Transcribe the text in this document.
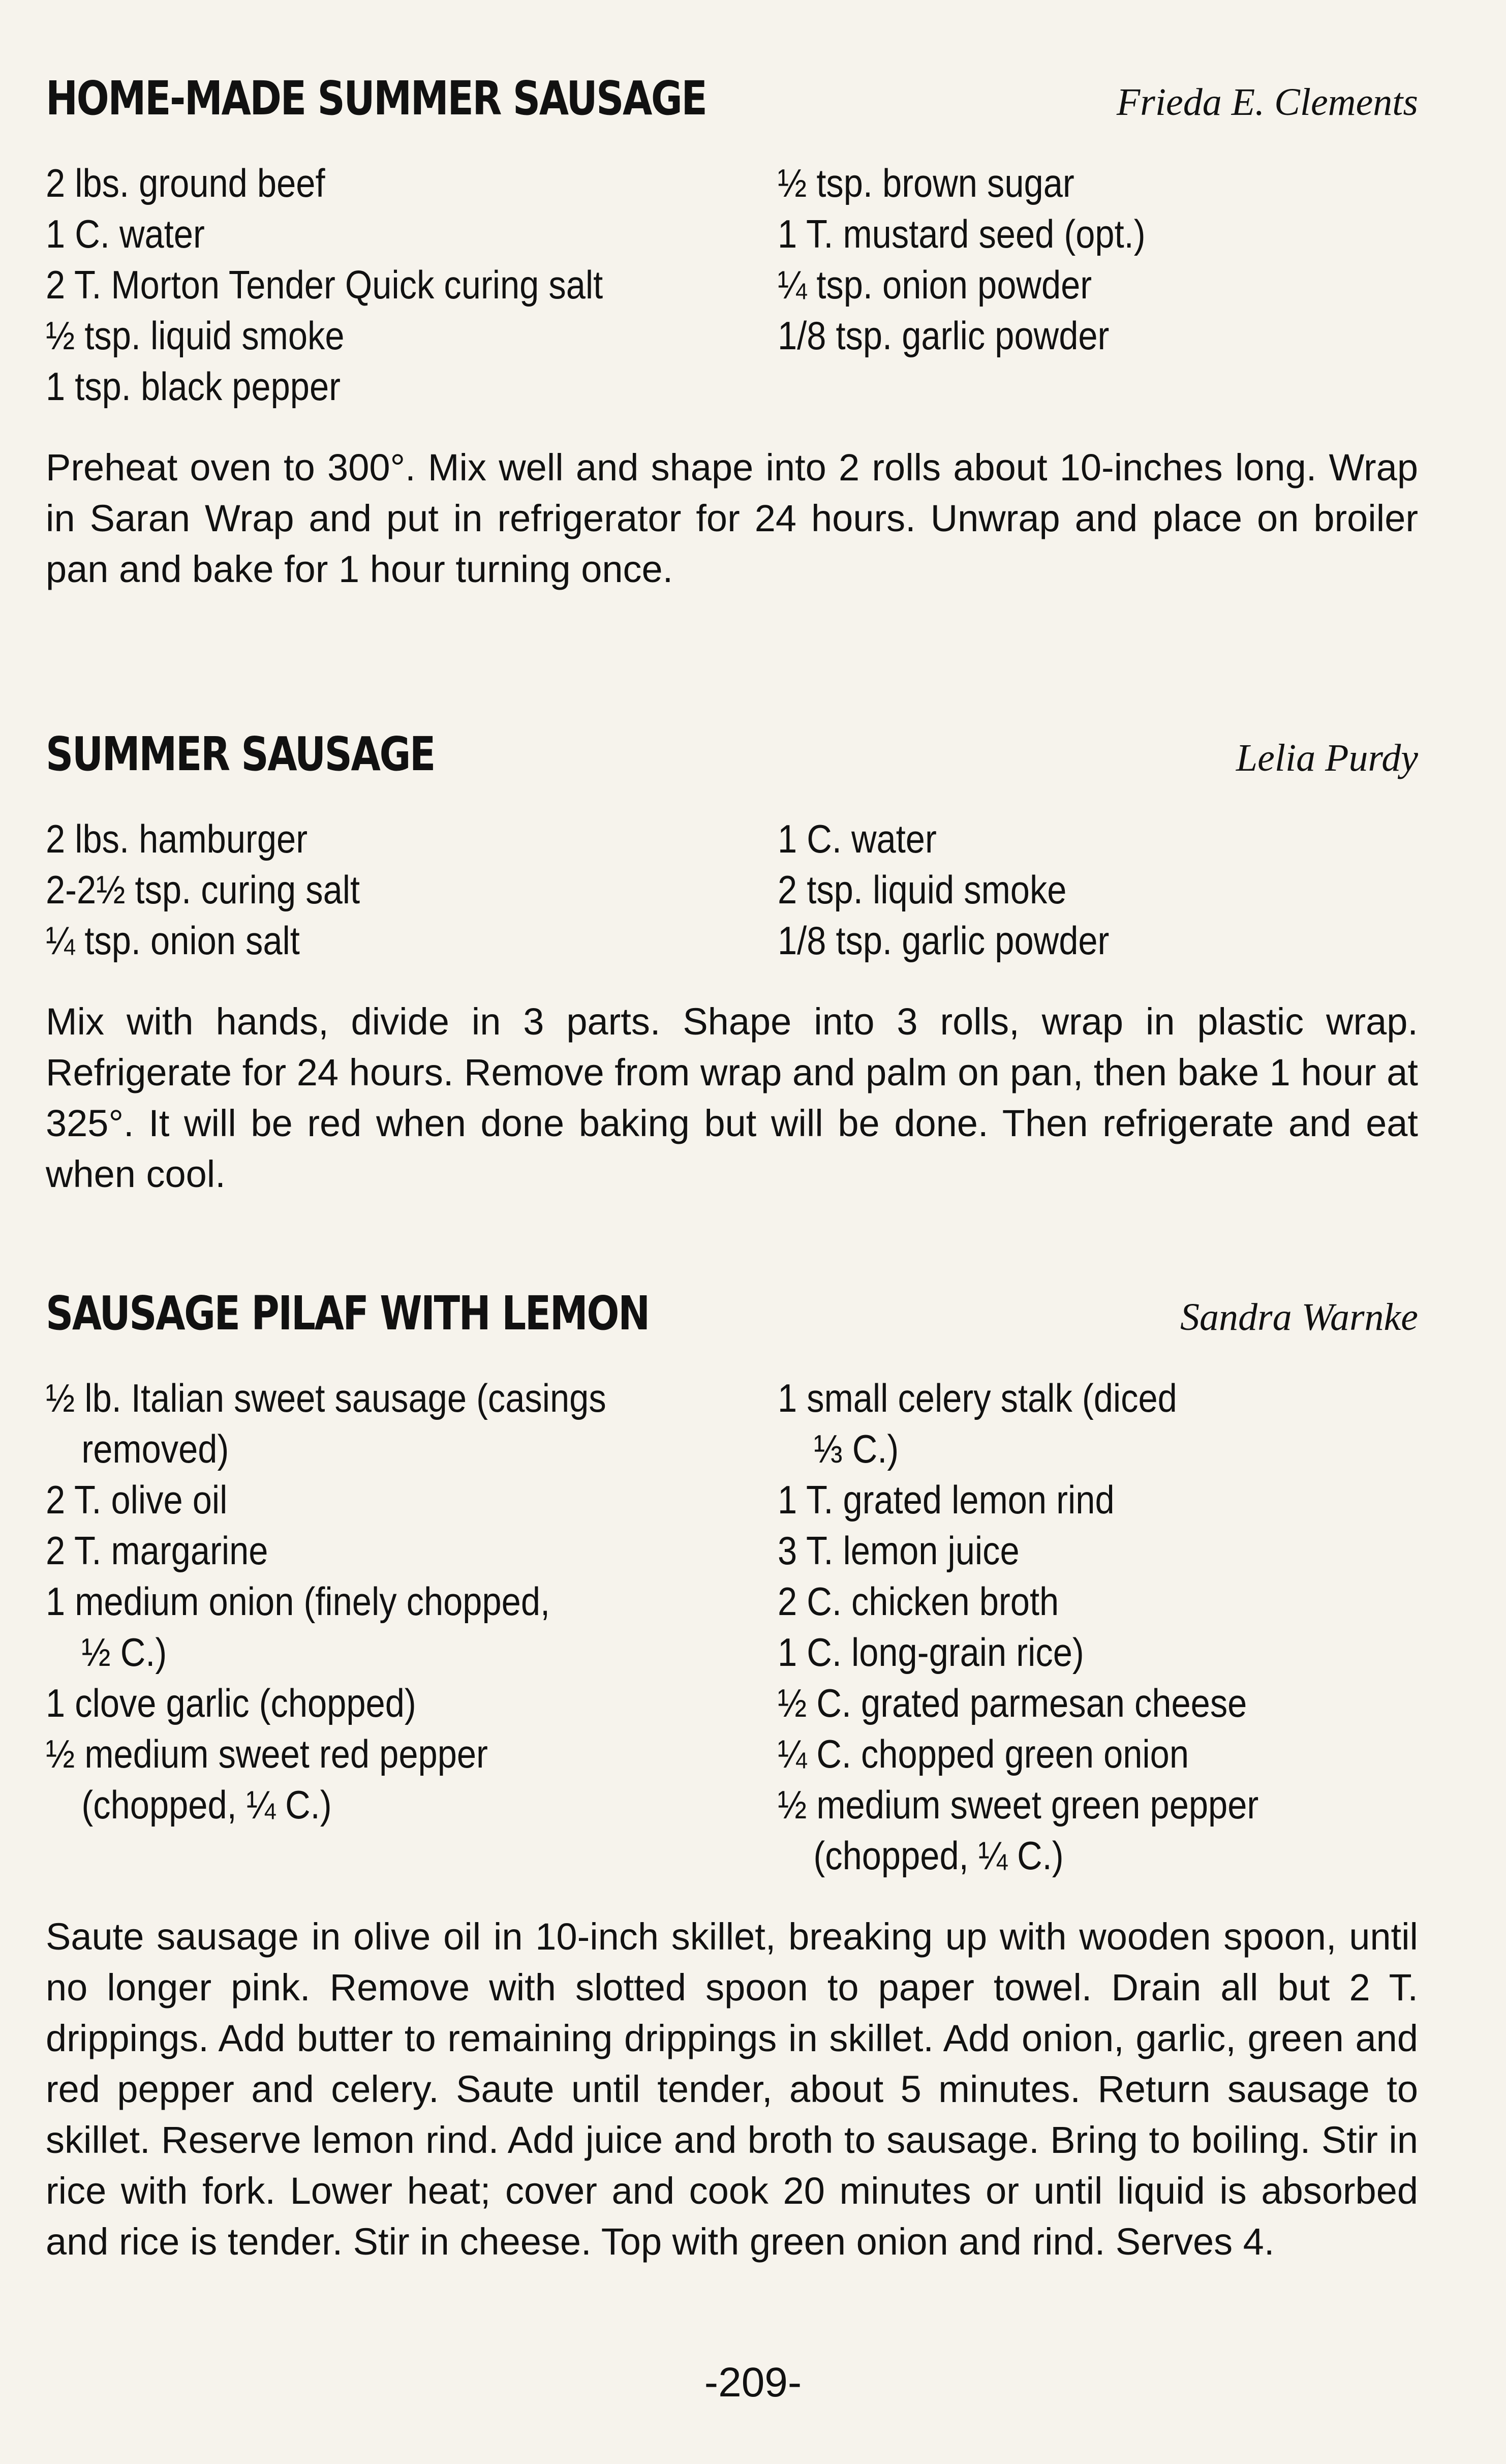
HOME-MADE SUMMER SAUSAGE	Frieda E. Clements
2 lbs. ground beef
1 C. water
2 T. Morton Tender Quick curing salt
½ tsp. liquid smoke
1 tsp. black pepper
½ tsp. brown sugar
1 T. mustard seed (opt.)
¼ tsp. onion powder
1/8 tsp. garlic powder
Preheat oven to 300°. Mix well and shape into 2 rolls about 10-inches long. Wrap in Saran Wrap and put in refrigerator for 24 hours. Unwrap and place on broiler pan and bake for 1 hour turning once.
SUMMER SAUSAGE	Lelia Purdy
2 lbs. hamburger
2-2½ tsp. curing salt
¼ tsp. onion salt
1 C. water
2 tsp. liquid smoke
1/8 tsp. garlic powder
Mix with hands, divide in 3 parts. Shape into 3 rolls, wrap in plastic wrap. Refrigerate for 24 hours. Remove from wrap and palm on pan, then bake 1 hour at 325°. It will be red when done baking but will be done. Then refrigerate and eat when cool.
SAUSAGE PILAF WITH LEMON	Sandra Warnke
½ lb. Italian sweet sausage (casings
removed)
2 T. olive oil
2 T. margarine
1 medium onion (finely chopped,
½ C.)
1 clove garlic (chopped)
½ medium sweet red pepper
(chopped, ¼ C.)
1 small celery stalk (diced
⅓ C.)
1 T. grated lemon rind
3 T. lemon juice
2 C. chicken broth
1 C. long-grain rice)
½ C. grated parmesan cheese
¼ C. chopped green onion
½ medium sweet green pepper
(chopped, ¼ C.)
Saute sausage in olive oil in 10-inch skillet, breaking up with wooden spoon, until no longer pink. Remove with slotted spoon to paper towel. Drain all but 2 T. drippings. Add butter to remaining drippings in skillet. Add onion, garlic, green and red pepper and celery. Saute until tender, about 5 minutes. Return sausage to skillet. Reserve lemon rind. Add juice and broth to sausage. Bring to boiling. Stir in rice with fork. Lower heat; cover and cook 20 minutes or until liquid is absorbed and rice is tender. Stir in cheese. Top with green onion and rind. Serves 4.
-209-
